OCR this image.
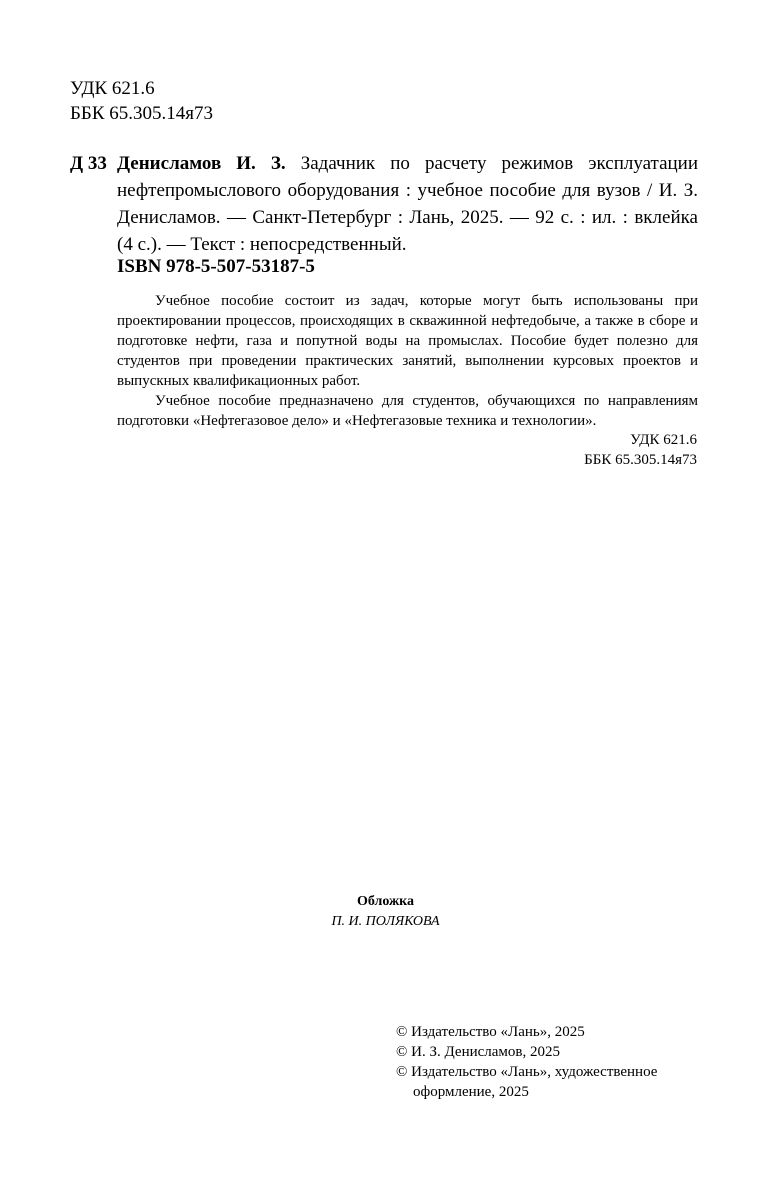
УДК 621.6
ББК 65.305.14я73
Д 33 Денисламов И. З. Задачник по расчету режимов эксплуатации нефтепромыслового оборудования : учебное пособие для вузов / И. З. Денисламов. — Санкт-Петербург : Лань, 2025. — 92 с. : ил. : вклейка (4 с.). — Текст : непосредственный.
ISBN 978-5-507-53187-5

Учебное пособие состоит из задач, которые могут быть использованы при проектировании процессов, происходящих в скважинной нефтедобыче, а также в сборе и подготовке нефти, газа и попутной воды на промыслах. Пособие будет полезно для студентов при проведении практических занятий, выполнении курсовых проектов и выпускных квалификационных работ.

Учебное пособие предназначено для студентов, обучающихся по направлениям подготовки «Нефтегазовое дело» и «Нефтегазовые техника и технологии».

УДК 621.6
ББК 65.305.14я73
Обложка
П. И. ПОЛЯКОВА
© Издательство «Лань», 2025
© И. З. Денисламов, 2025
© Издательство «Лань», художественное
оформление, 2025
